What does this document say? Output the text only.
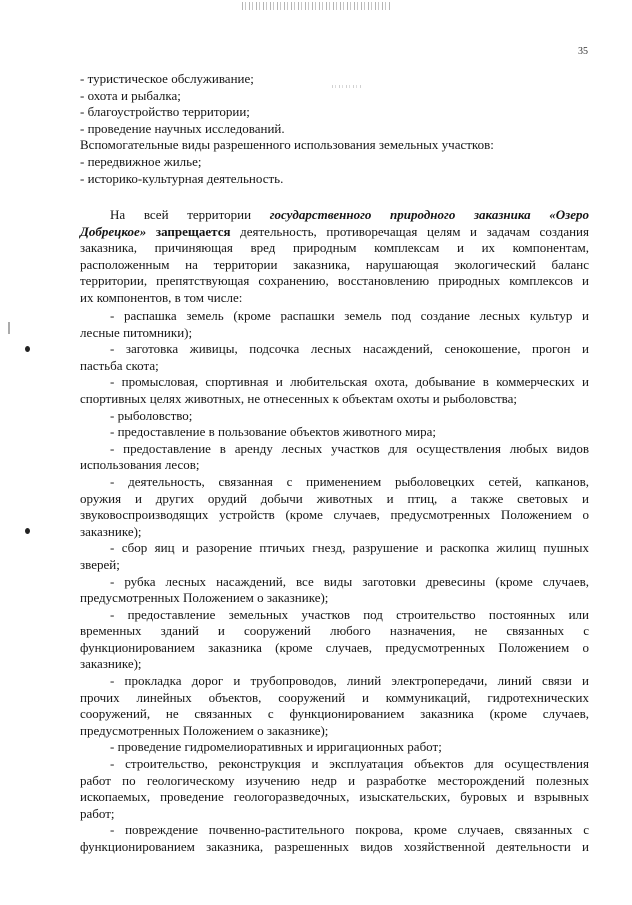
35
- туристическое обслуживание;
- охота и рыбалка;
- благоустройство территории;
- проведение научных исследований.
Вспомогательные виды разрешенного использования земельных участков:
- передвижное жилье;
- историко-культурная деятельность.
На всей территории государственного природного заказника «Озеро
Добрецкое» запрещается деятельность, противоречащая целям и задачам создания
заказника, причиняющая вред природным комплексам и их компонентам,
расположенным на территории заказника, нарушающая экологический баланс
территории, препятствующая сохранению, восстановлению природных комплексов и
их компонентов, в том числе:
- распашка земель (кроме распашки земель под создание лесных культур и
лесные питомники);
- заготовка живицы, подсочка лесных насаждений, сенокошение, прогон и
пастьба скота;
- промысловая, спортивная и любительская охота, добывание в коммерческих и
спортивных целях животных, не отнесенных к объектам охоты и рыболовства;
- рыболовство;
- предоставление в пользование объектов животного мира;
- предоставление в аренду лесных участков для осуществления любых видов
использования лесов;
- деятельность, связанная с применением рыболовецких сетей, капканов,
оружия и других орудий добычи животных и птиц, а также световых и
звуковоспроизводящих устройств (кроме случаев, предусмотренных Положением о
заказнике);
- сбор яиц и разорение птичьих гнезд, разрушение и раскопка жилищ пушных
зверей;
- рубка лесных насаждений, все виды заготовки древесины (кроме случаев,
предусмотренных Положением о заказнике);
- предоставление земельных участков под строительство постоянных или
временных зданий и сооружений любого назначения, не связанных с
функционированием заказника (кроме случаев, предусмотренных Положением о
заказнике);
- прокладка дорог и трубопроводов, линий электропередачи, линий связи и
прочих линейных объектов, сооружений и коммуникаций, гидротехнических
сооружений, не связанных с функционированием заказника (кроме случаев,
предусмотренных Положением о заказнике);
- проведение гидромелиоративных и ирригационных работ;
- строительство, реконструкция и эксплуатация объектов для осуществления
работ по геологическому изучению недр и разработке месторождений полезных
ископаемых, проведение геологоразведочных, изыскательских, буровых и взрывных
работ;
- повреждение почвенно-растительного покрова, кроме случаев, связанных с
функционированием заказника, разрешенных видов хозяйственной деятельности и
